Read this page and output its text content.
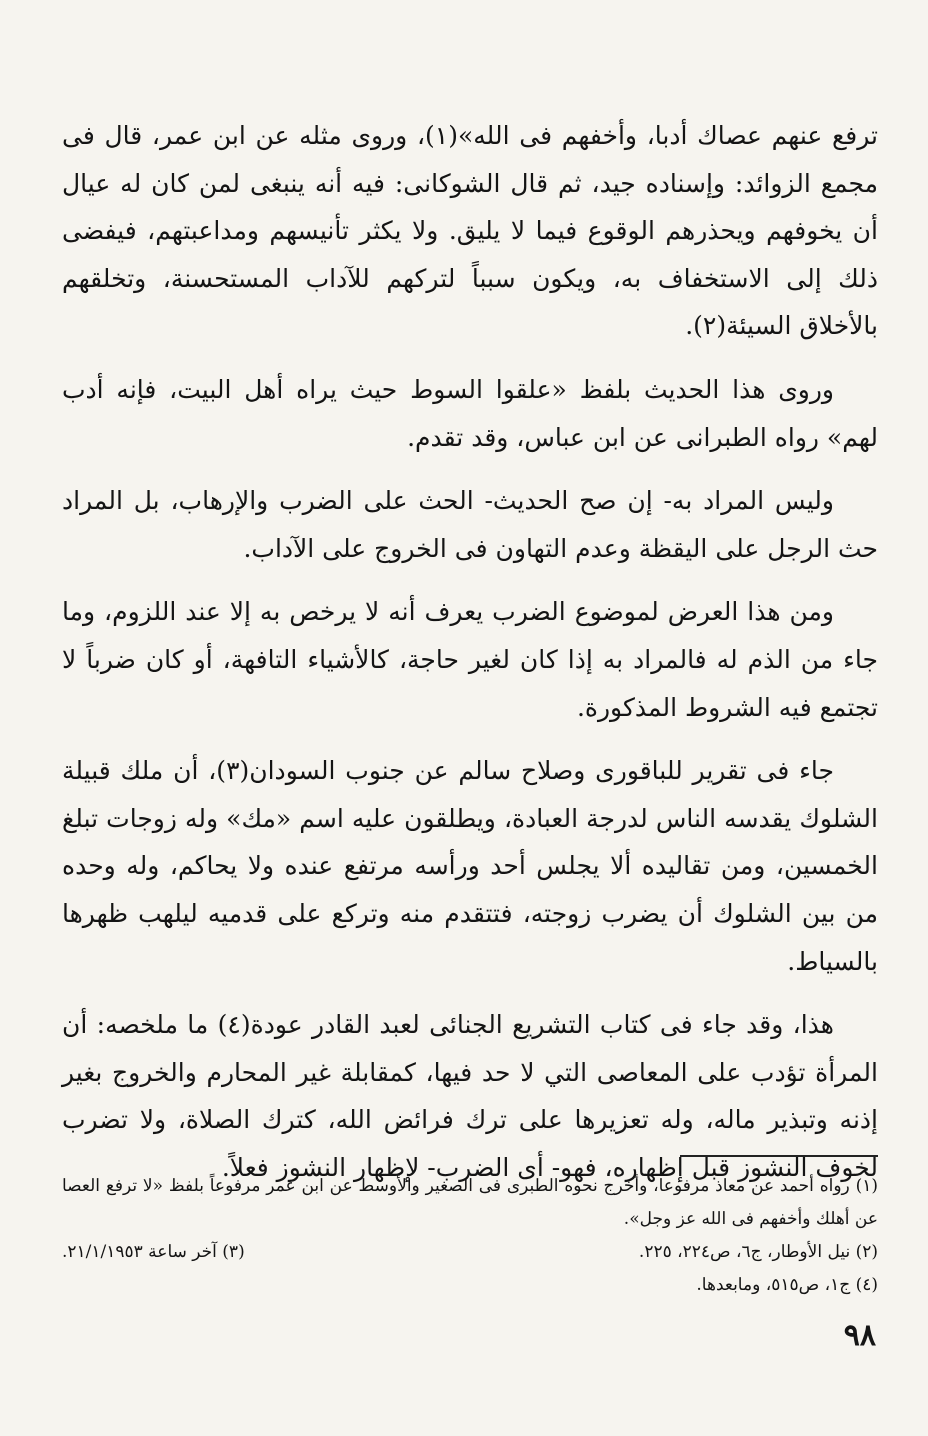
ترفع عنهم عصاك أدبا، وأخفهم فى الله»(١)، وروى مثله عن ابن عمر، قال فى مجمع الزوائد: وإسناده جيد، ثم قال الشوكانى: فيه أنه ينبغى لمن كان له عيال أن يخوفهم ويحذرهم الوقوع فيما لا يليق. ولا يكثر تأنيسهم ومداعبتهم، فيفضى ذلك إلى الاستخفاف به، ويكون سبباً لتركهم للآداب المستحسنة، وتخلقهم بالأخلاق السيئة(٢).

وروى هذا الحديث بلفظ «علقوا السوط حيث يراه أهل البيت، فإنه أدب لهم» رواه الطبرانى عن ابن عباس، وقد تقدم.

وليس المراد به- إن صح الحديث- الحث على الضرب والإرهاب، بل المراد حث الرجل على اليقظة وعدم التهاون فى الخروج على الآداب.

ومن هذا العرض لموضوع الضرب يعرف أنه لا يرخص به إلا عند اللزوم، وما جاء من الذم له فالمراد به إذا كان لغير حاجة، كالأشياء التافهة، أو كان ضرباً لا تجتمع فيه الشروط المذكورة.

جاء فى تقرير للباقورى وصلاح سالم عن جنوب السودان(٣)، أن ملك قبيلة الشلوك يقدسه الناس لدرجة العبادة، ويطلقون عليه اسم «مك» وله زوجات تبلغ الخمسين، ومن تقاليده ألا يجلس أحد ورأسه مرتفع عنده ولا يحاكم، وله وحده من بين الشلوك أن يضرب زوجته، فتتقدم منه وتركع على قدميه ليلهب ظهرها بالسياط.

هذا، وقد جاء فى كتاب التشريع الجنائى لعبد القادر عودة(٤) ما ملخصه: أن المرأة تؤدب على المعاصى التي لا حد فيها، كمقابلة غير المحارم والخروج بغير إذنه وتبذير ماله، وله تعزيرها على ترك فرائض الله، كترك الصلاة، ولا تضرب لخوف النشوز قبل إظهاره، فهو- أى الضرب- لإظهار النشوز فعلاً.

(١) رواه أحمد عن معاذ مرفوعا، وأخرج نحوه الطبرى فى الصغير والأوسط عن ابن عمر مرفوعاً بلفظ «لا ترفع العصا عن أهلك وأخفهم فى الله عز وجل».

(٢) نيل الأوطار، ج٦، ص٢٢٤، ٢٢٥.
(٣) آخر ساعة ٢١/١/١٩٥٣.

(٤) ج١، ص٥١٥، ومابعدها.

٩٨
